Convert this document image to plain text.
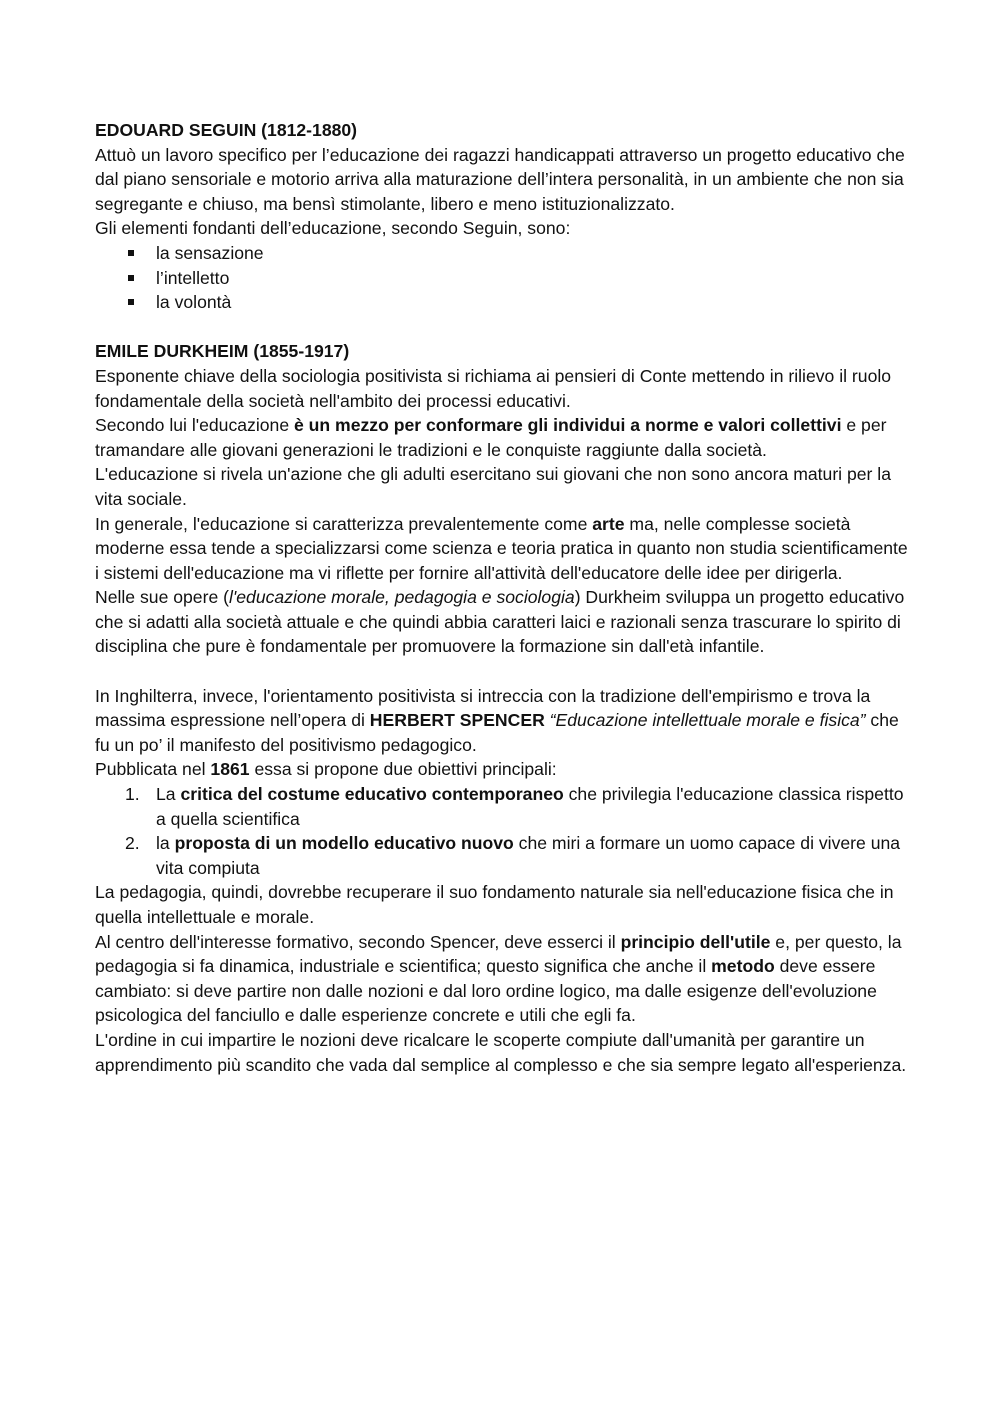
EDOUARD SEGUIN (1812-1880)

Attuò un lavoro specifico per l’educazione dei ragazzi handicappati attraverso un progetto educativo che dal piano sensoriale e motorio arriva alla maturazione dell’intera personalità, in un ambiente che non sia segregante e chiuso, ma bensì stimolante, libero e meno istituzionalizzato.

Gli elementi fondanti dell’educazione, secondo Seguin, sono:

la sensazione
l’intelletto
la volontà

EMILE DURKHEIM (1855-1917)

Esponente chiave della sociologia positivista si richiama ai pensieri di Conte mettendo in rilievo il ruolo fondamentale della società nell'ambito dei processi educativi.

Secondo lui l'educazione è un mezzo per conformare gli individui a norme e valori collettivi e per tramandare alle giovani generazioni le tradizioni e le conquiste raggiunte dalla società.

L'educazione si rivela un'azione che gli adulti esercitano sui giovani che non sono ancora maturi per la vita sociale.

In generale, l'educazione si caratterizza prevalentemente come arte ma, nelle complesse società moderne essa tende a specializzarsi come scienza e teoria pratica in quanto non studia scientificamente i sistemi dell'educazione ma vi riflette per fornire all'attività dell'educatore delle idee per dirigerla.

Nelle sue opere (l'educazione morale, pedagogia e sociologia) Durkheim sviluppa un progetto educativo che si adatti alla società attuale e che quindi abbia caratteri laici e razionali senza trascurare lo spirito di disciplina che pure è fondamentale per promuovere la formazione sin dall'età infantile.

In Inghilterra, invece, l'orientamento positivista si intreccia con la tradizione dell'empirismo e trova la massima espressione nell’opera di HERBERT SPENCER “Educazione intellettuale morale e fisica” che fu un po’ il manifesto del positivismo pedagogico.

Pubblicata nel 1861 essa si propone due obiettivi principali:

1. La critica del costume educativo contemporaneo che privilegia l'educazione classica rispetto a quella scientifica
2. la proposta di un modello educativo nuovo che miri a formare un uomo capace di vivere una vita compiuta

La pedagogia, quindi, dovrebbe recuperare il suo fondamento naturale sia nell'educazione fisica che in quella intellettuale e morale.

Al centro dell'interesse formativo, secondo Spencer, deve esserci il principio dell'utile e, per questo, la pedagogia si fa dinamica, industriale e scientifica; questo significa che anche il metodo deve essere cambiato: si deve partire non dalle nozioni e dal loro ordine logico, ma dalle esigenze dell'evoluzione psicologica del fanciullo e dalle esperienze concrete e utili che egli fa.

L'ordine in cui impartire le nozioni deve ricalcare le scoperte compiute dall'umanità per garantire un apprendimento più scandito che vada dal semplice al complesso e che sia sempre legato all'esperienza.
